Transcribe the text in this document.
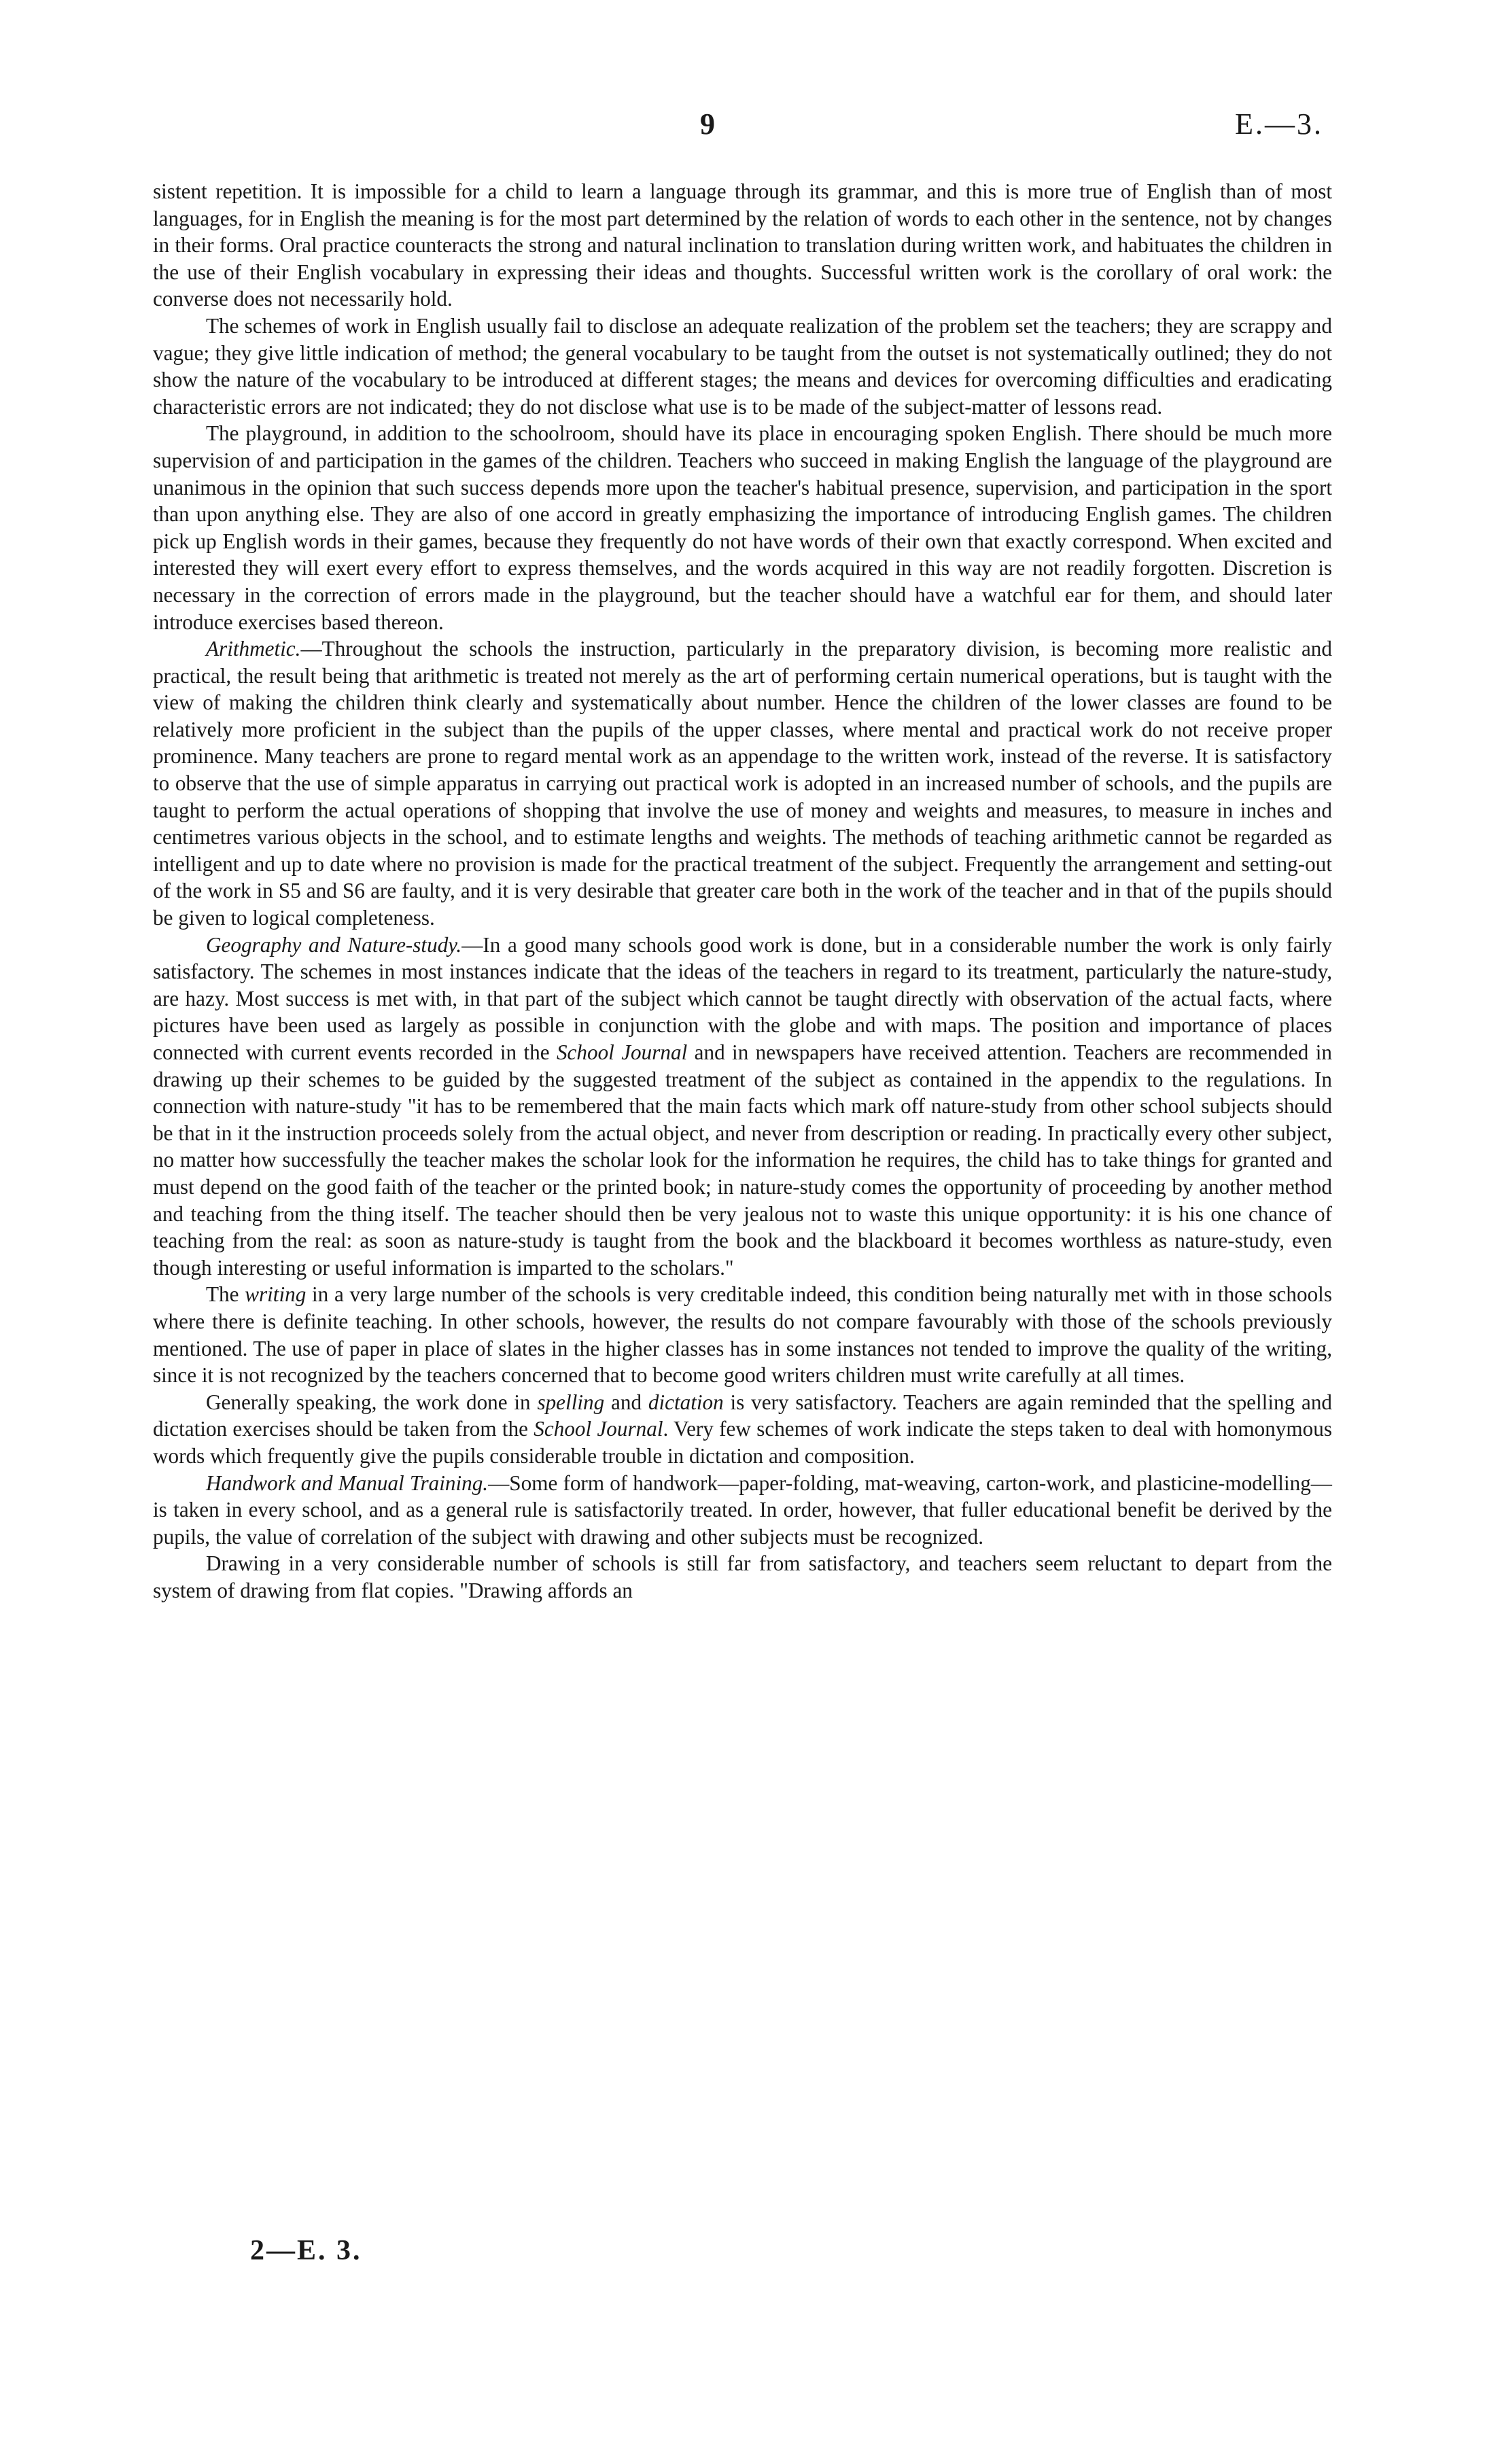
9	E.—3.

sistent repetition. It is impossible for a child to learn a language through its grammar, and this is more true of English than of most languages, for in English the meaning is for the most part determined by the relation of words to each other in the sentence, not by changes in their forms. Oral practice counteracts the strong and natural inclination to translation during written work, and habituates the children in the use of their English vocabulary in expressing their ideas and thoughts. Successful written work is the corollary of oral work: the converse does not necessarily hold.

The schemes of work in English usually fail to disclose an adequate realization of the problem set the teachers; they are scrappy and vague; they give little indication of method; the general vocabulary to be taught from the outset is not systematically outlined; they do not show the nature of the vocabulary to be introduced at different stages; the means and devices for overcoming difficulties and eradicating characteristic errors are not indicated; they do not disclose what use is to be made of the subject-matter of lessons read.

The playground, in addition to the schoolroom, should have its place in encouraging spoken English. There should be much more supervision of and participation in the games of the children. Teachers who succeed in making English the language of the playground are unanimous in the opinion that such success depends more upon the teacher's habitual presence, supervision, and participation in the sport than upon anything else. They are also of one accord in greatly emphasizing the importance of introducing English games. The children pick up English words in their games, because they frequently do not have words of their own that exactly correspond. When excited and interested they will exert every effort to express themselves, and the words acquired in this way are not readily forgotten. Discretion is necessary in the correction of errors made in the playground, but the teacher should have a watchful ear for them, and should later introduce exercises based thereon.

Arithmetic.—Throughout the schools the instruction, particularly in the preparatory division, is becoming more realistic and practical, the result being that arithmetic is treated not merely as the art of performing certain numerical operations, but is taught with the view of making the children think clearly and systematically about number. Hence the children of the lower classes are found to be relatively more proficient in the subject than the pupils of the upper classes, where mental and practical work do not receive proper prominence. Many teachers are prone to regard mental work as an appendage to the written work, instead of the reverse. It is satisfactory to observe that the use of simple apparatus in carrying out practical work is adopted in an increased number of schools, and the pupils are taught to perform the actual operations of shopping that involve the use of money and weights and measures, to measure in inches and centimetres various objects in the school, and to estimate lengths and weights. The methods of teaching arithmetic cannot be regarded as intelligent and up to date where no provision is made for the practical treatment of the subject. Frequently the arrangement and setting-out of the work in S5 and S6 are faulty, and it is very desirable that greater care both in the work of the teacher and in that of the pupils should be given to logical completeness.

Geography and Nature-study.—In a good many schools good work is done, but in a considerable number the work is only fairly satisfactory. The schemes in most instances indicate that the ideas of the teachers in regard to its treatment, particularly the nature-study, are hazy. Most success is met with, in that part of the subject which cannot be taught directly with observation of the actual facts, where pictures have been used as largely as possible in conjunction with the globe and with maps. The position and importance of places connected with current events recorded in the School Journal and in newspapers have received attention. Teachers are recommended in drawing up their schemes to be guided by the suggested treatment of the subject as contained in the appendix to the regulations. In connection with nature-study "it has to be remembered that the main facts which mark off nature-study from other school subjects should be that in it the instruction proceeds solely from the actual object, and never from description or reading. In practically every other subject, no matter how successfully the teacher makes the scholar look for the information he requires, the child has to take things for granted and must depend on the good faith of the teacher or the printed book; in nature-study comes the opportunity of proceeding by another method and teaching from the thing itself. The teacher should then be very jealous not to waste this unique opportunity: it is his one chance of teaching from the real: as soon as nature-study is taught from the book and the blackboard it becomes worthless as nature-study, even though interesting or useful information is imparted to the scholars."

The writing in a very large number of the schools is very creditable indeed, this condition being naturally met with in those schools where there is definite teaching. In other schools, however, the results do not compare favourably with those of the schools previously mentioned. The use of paper in place of slates in the higher classes has in some instances not tended to improve the quality of the writing, since it is not recognized by the teachers concerned that to become good writers children must write carefully at all times.

Generally speaking, the work done in spelling and dictation is very satisfactory. Teachers are again reminded that the spelling and dictation exercises should be taken from the School Journal. Very few schemes of work indicate the steps taken to deal with homonymous words which frequently give the pupils considerable trouble in dictation and composition.

Handwork and Manual Training.—Some form of handwork—paper-folding, mat-weaving, carton-work, and plasticine-modelling—is taken in every school, and as a general rule is satisfactorily treated. In order, however, that fuller educational benefit be derived by the pupils, the value of correlation of the subject with drawing and other subjects must be recognized.

Drawing in a very considerable number of schools is still far from satisfactory, and teachers seem reluctant to depart from the system of drawing from flat copies. "Drawing affords an

2—E. 3.
